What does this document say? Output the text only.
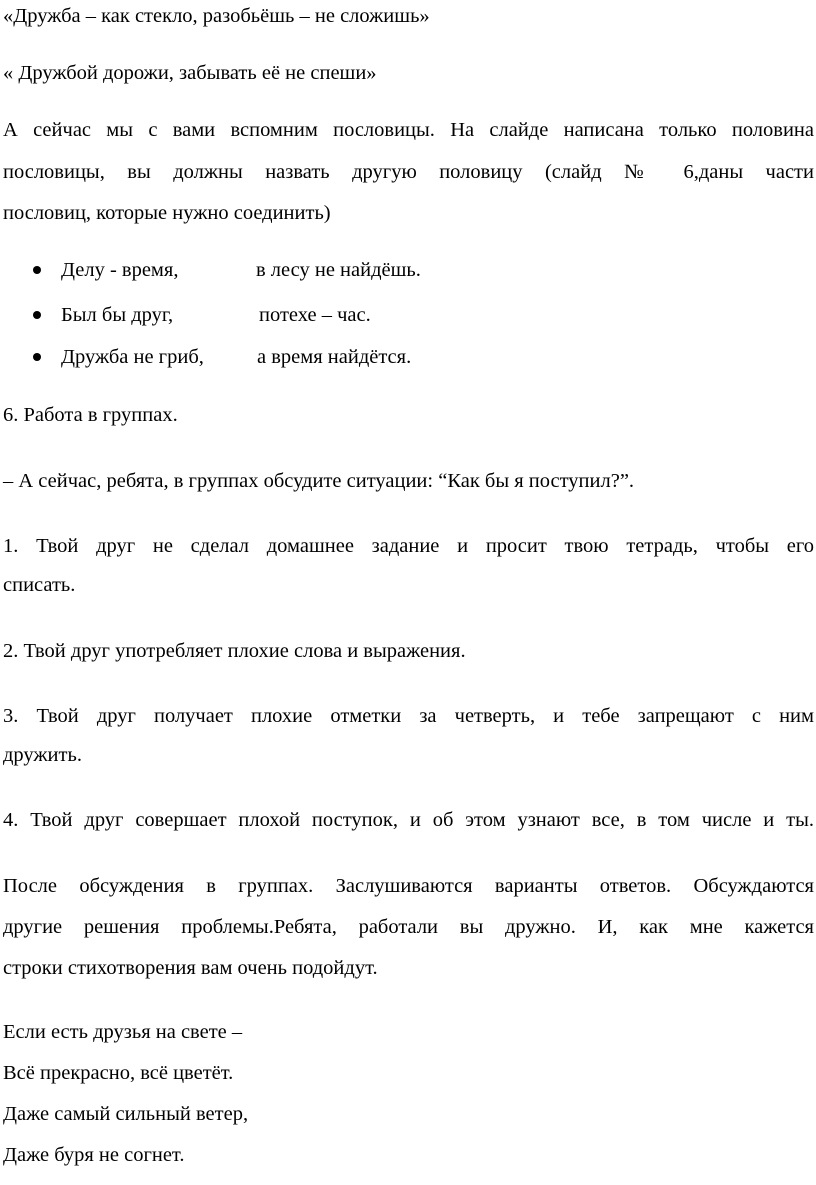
«Дружба – как стекло, разобьёшь – не сложишь»
« Дружбой дорожи, забывать её не спеши»
А сейчас мы с вами вспомним пословицы. На слайде написана только половина
пословицы, вы должны назвать другую половицу (слайд № 6,даны части
пословиц, которые нужно соединить)
Делу - время,	в лесу не найдёшь.
Был бы друг,	потехе – час.
Дружба не гриб,	а время найдётся.
6. Работа в группах.
– А сейчас, ребята, в группах обсудите ситуации: “Как бы я поступил?”.
1. Твой друг не сделал домашнее задание и просит твою тетрадь, чтобы его
списать.
2. Твой друг употребляет плохие слова и выражения.
3. Твой друг получает плохие отметки за четверть, и тебе запрещают с ним
дружить.
4. Твой друг совершает плохой поступок, и об этом узнают все, в том числе и ты.
После обсуждения в группах. Заслушиваются варианты ответов. Обсуждаются
другие решения проблемы.Ребята, работали вы дружно. И, как мне кажется
строки стихотворения вам очень подойдут.
Если есть друзья на свете –
Всё прекрасно, всё цветёт.
Даже самый сильный ветер,
Даже буря не согнет.
